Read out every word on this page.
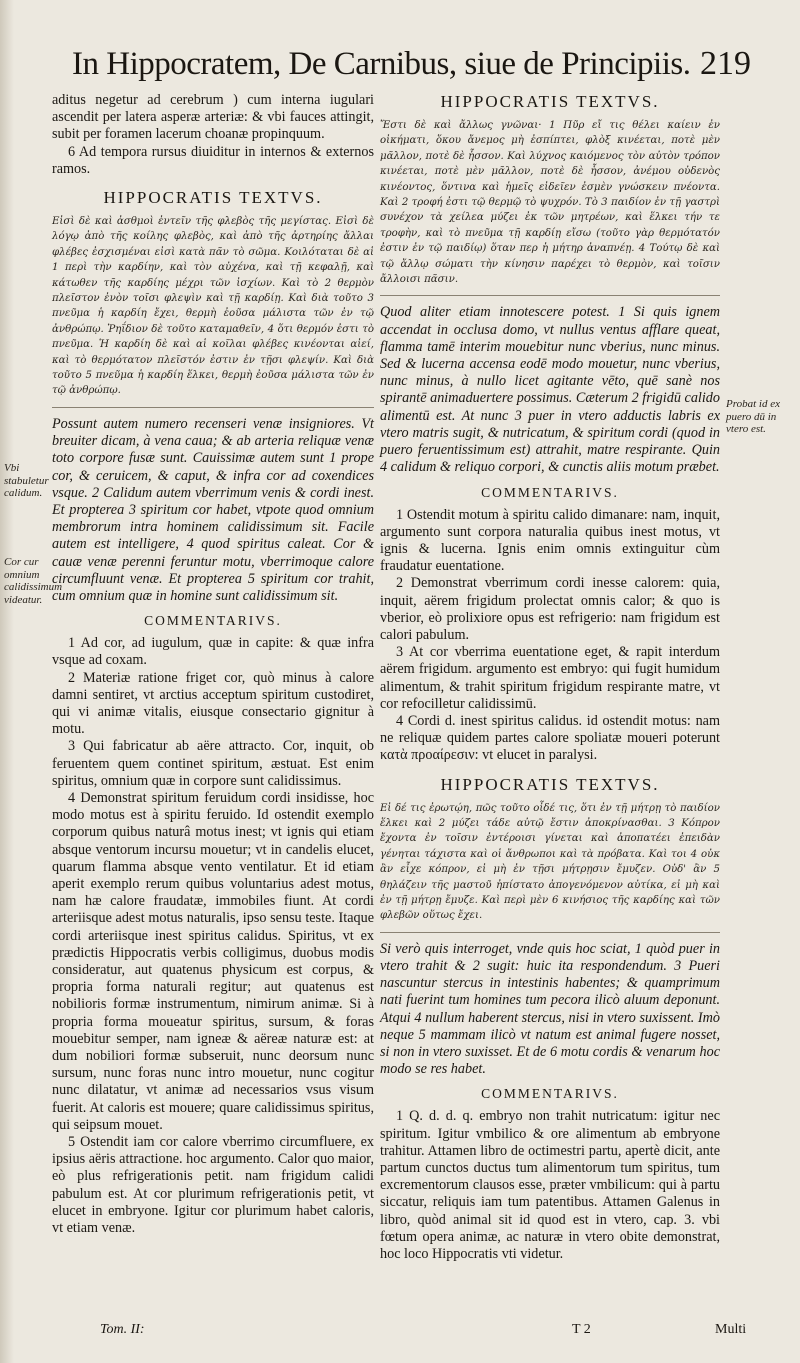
In Hippocratem, De Carnibus, siue de Principiis. 219

aditus negetur ad cerebrum ) cum interna iugulari ascendit per latera asperæ arteriæ: & vbi fauces attingit, subit per foramen lacerum choanæ propinquum.

6 Ad tempora rursus diuiditur in internos & externos ramos.

HIPPOCRATIS TEXTVS.

Εἰσὶ δὲ καὶ ἀσθμοὶ ἐντεῖν τῆς φλεβὸς τῆς μεγίστας. Εἰσὶ δὲ λόγῳ ἀπὸ τῆς κοίλης φλεβὸς, καὶ ἀπὸ τῆς ἀρτηρίης ἄλλαι φλέβες ἐσχισμέναι εἰσὶ κατὰ πᾶν τὸ σῶμα. Κοιλόταται δὲ αἱ 1 περὶ τὴν καρδίην, καὶ τὸν αὐχένα, καὶ τῇ κεφαλῇ, καὶ κάτωθεν τῆς καρδίης μέχρι τῶν ἰσχίων. Καὶ τὸ 2 θερμὸν πλεῖστον ἐνὸν τοῖσι φλεψὶν καὶ τῇ καρδίῃ. Καὶ διὰ τοῦτο 3 πνεῦμα ἡ καρδίη ἔχει, θερμὴ ἐοῦσα μάλιστα τῶν ἐν τῷ ἀνθρώπῳ. Ῥηΐδιον δὲ τοῦτο καταμαθεῖν, 4 ὅτι θερμόν ἐστι τὸ πνεῦμα. Ἡ καρδίη δὲ καὶ αἱ κοῖλαι φλέβες κινέονται αἰεί, καὶ τὸ θερμότατον πλεῖστόν ἐστιν ἐν τῇσι φλεψίν. Καὶ διὰ τοῦτο 5 πνεῦμα ἡ καρδίη ἕλκει, θερμὴ ἐοῦσα μάλιστα τῶν ἐν τῷ ἀνθρώπῳ.

Possunt autem numero recenseri venæ insigniores. Vt breuiter dicam, à vena caua; & ab arteria reliquæ venæ toto corpore fusæ sunt. Cauissimæ autem sunt 1 prope cor, & ceruicem, & caput, & infra cor ad coxendices vsque. 2 Calidum autem vberrimum venis & cordi inest. Et propterea 3 spiritum cor habet, vtpote quod omnium membrorum intra hominem calidissimum sit. Facile autem est intelligere, 4 quod spiritus caleat. Cor & cauæ venæ perenni feruntur motu, vberrimoque calore circumfluunt venæ. Et propterea 5 spiritum cor trahit, cum omnium quæ in homine sunt calidissimum sit.

COMMENTARIVS.

1 Ad cor, ad iugulum, quæ in capite: & quæ infra vsque ad coxam.

2 Materiæ ratione friget cor, quò minus à calore damni sentiret, vt arctius acceptum spiritum custodiret, qui vi animæ vitalis, eiusque consectario gignitur à motu.

3 Qui fabricatur ab aëre attracto. Cor, inquit, ob feruentem quem continet spiritum, æstuat. Est enim spiritus, omnium quæ in corpore sunt calidissimus.

4 Demonstrat spiritum feruidum cordi insidisse, hoc modo motus est à spiritu feruido. Id ostendit exemplo corporum quibus naturâ motus inest; vt ignis qui etiam absque ventorum incursu mouetur; vt in candelis elucet, quarum flamma absque vento ventilatur. Et id etiam aperit exemplo rerum quibus voluntarius adest motus, nam hæ calore fraudatæ, immobiles fiunt. At cordi arteriisque adest motus naturalis, ipso sensu teste. Itaque cordi arteriisque inest spiritus calidus. Spiritus, vt ex prædictis Hippocratis verbis colligimus, duobus modis consideratur, aut quatenus physicum est corpus, & propria forma naturali regitur; aut quatenus est nobilioris formæ instrumentum, nimirum animæ. Si à propria forma moueatur spiritus, sursum, & foras mouebitur semper, nam igneæ & aëreæ naturæ est: at dum nobiliori formæ subseruit, nunc deorsum nunc sursum, nunc foras nunc intro mouetur, nunc cogitur nunc dilatatur, vt animæ ad necessarios vsus visum fuerit. At caloris est mouere; quare calidissimus spiritus, qui seipsum mouet.

5 Ostendit iam cor calore vberrimo circumfluere, ex ipsius aëris attractione. hoc argumento. Calor quo maior, eò plus refrigerationis petit. nam frigidum calidi pabulum est. At cor plurimum refrigerationis petit, vt elucet in embryone. Igitur cor plurimum habet caloris, vt etiam venæ.

HIPPOCRATIS TEXTVS.

Ἔστι δὲ καὶ ἄλλως γνῶναι· 1 Πῦρ εἴ τις θέλει καίειν ἐν οἰκήματι, ὅκου ἄνεμος μὴ ἐσπίπτει, φλὸξ κινέεται, ποτὲ μὲν μᾶλλον, ποτὲ δὲ ἧσσον. Καὶ λύχνος καιόμενος τὸν αὐτὸν τρόπον κινέεται, ποτὲ μὲν μᾶλλον, ποτὲ δὲ ἧσσον, ἀνέμου οὐδενὸς κινέοντος, ὅντινα καὶ ἡμεῖς εἰδεῖεν ἐσμὲν γνώσκειν πνέοντα. Καὶ 2 τροφή ἐστι τῷ θερμῷ τὸ ψυχρόν. Τὸ 3 παιδίον ἐν τῇ γαστρὶ συνέχον τὰ χείλεα μύζει ἐκ τῶν μητρέων, καὶ ἕλκει τήν τε τροφὴν, καὶ τὸ πνεῦμα τῇ καρδίῃ εἴσω (τοῦτο γὰρ θερμότατόν ἐστιν ἐν τῷ παιδίῳ) ὅταν περ ἡ μήτηρ ἀναπνέῃ. 4 Τούτῳ δὲ καὶ τῷ ἄλλῳ σώματι τὴν κίνησιν παρέχει τὸ θερμὸν, καὶ τοῖσιν ἄλλοισι πᾶσιν.

Quod aliter etiam innotescere potest. 1 Si quis ignem accendat in occlusa domo, vt nullus ventus afflare queat, flamma tamē interim mouebitur nunc vberius, nunc minus. Sed & lucerna accensa eodē modo mouetur, nunc vberius, nunc minus, à nullo licet agitante vēto, quē sanè nos spirantē animaduertere possimus. Cæterum 2 frigidū calido alimentū est. At nunc 3 puer in vtero adductis labris ex vtero matris sugit, & nutricatum, & spiritum cordi (quod in puero feruentissimum est) attrahit, matre respirante. Quin 4 calidum & reliquo corpori, & cunctis aliis motum præbet.

COMMENTARIVS.

1 Ostendit motum à spiritu calido dimanare: nam, inquit, argumento sunt corpora naturalia quibus inest motus, vt ignis & lucerna. Ignis enim omnis extinguitur cùm fraudatur euentatione.

2 Demonstrat vberrimum cordi inesse calorem: quia, inquit, aërem frigidum prolectat omnis calor; & quo is vberior, eò prolixiore opus est refrigerio: nam frigidum est calori pabulum.

3 At cor vberrima euentatione eget, & rapit interdum aërem frigidum. argumento est embryo: qui fugit humidum alimentum, & trahit spiritum frigidum respirante matre, vt cor refocilletur calidissimū.

4 Cordi d. inest spiritus calidus. id ostendit motus: nam ne reliquæ quidem partes calore spoliatæ moueri poterunt κατὰ προαίρεσιν: vt elucet in paralysi.

HIPPOCRATIS TEXTVS.

Εἰ δέ τις ἐρωτῴη, πῶς τοῦτο οἶδέ τις, ὅτι ἐν τῇ μήτρῃ τὸ παιδίον ἕλκει καὶ 2 μύζει τάδε αὐτῷ ἔστιν ἀποκρίνασθαι. 3 Κόπρον ἔχοντα ἐν τοῖσιν ἐντέροισι γίνεται καὶ ἀποπατέει ἐπειδὰν γένηται τάχιστα καὶ οἱ ἄνθρωποι καὶ τὰ πρόβατα. Καὶ τοι 4 οὐκ ἂν εἶχε κόπρον, εἰ μὴ ἐν τῇσι μήτρῃσιν ἔμυζεν. Οὐδ' ἂν 5 θηλάζειν τῆς μαστοῦ ἠπίστατο ἀπογενόμενον αὐτίκα, εἰ μὴ καὶ ἐν τῇ μήτρῃ ἔμυζε. Καὶ περὶ μὲν 6 κινήσιος τῆς καρδίης καὶ τῶν φλεβῶν οὕτως ἔχει.

Si verò quis interroget, vnde quis hoc sciat, 1 quòd puer in vtero trahit & 2 sugit: huic ita respondendum. 3 Pueri nascuntur stercus in intestinis habentes; & quamprimum nati fuerint tum homines tum pecora ilicò aluum deponunt. Atqui 4 nullum haberent stercus, nisi in vtero suxissent. Imò neque 5 mammam ilicò vt natum est animal fugere nosset, si non in vtero suxisset. Et de 6 motu cordis & venarum hoc modo se res habet.

COMMENTARIVS.

1 Q. d. d. q. embryo non trahit nutricatum: igitur nec spiritum. Igitur vmbilico & ore alimentum ab embryone trahitur. Attamen libro de octimestri partu, apertè dicit, ante partum cunctos ductus tum alimentorum tum spiritus, tum excrementorum clausos esse, præter vmbilicum: qui à partu siccatur, reliquis iam tum patentibus. Attamen Galenus in libro, quòd animal sit id quod est in vtero, cap. 3. vbi fœtum opera animæ, ac naturæ in vtero obite demonstrat, hoc loco Hippocratis vti videtur.

Vbi stabuletur calidum.
Cor cur omnium calidissimum videatur.
Probat id ex puero dū in vtero est.
Tom. II:	T 2	Multi
